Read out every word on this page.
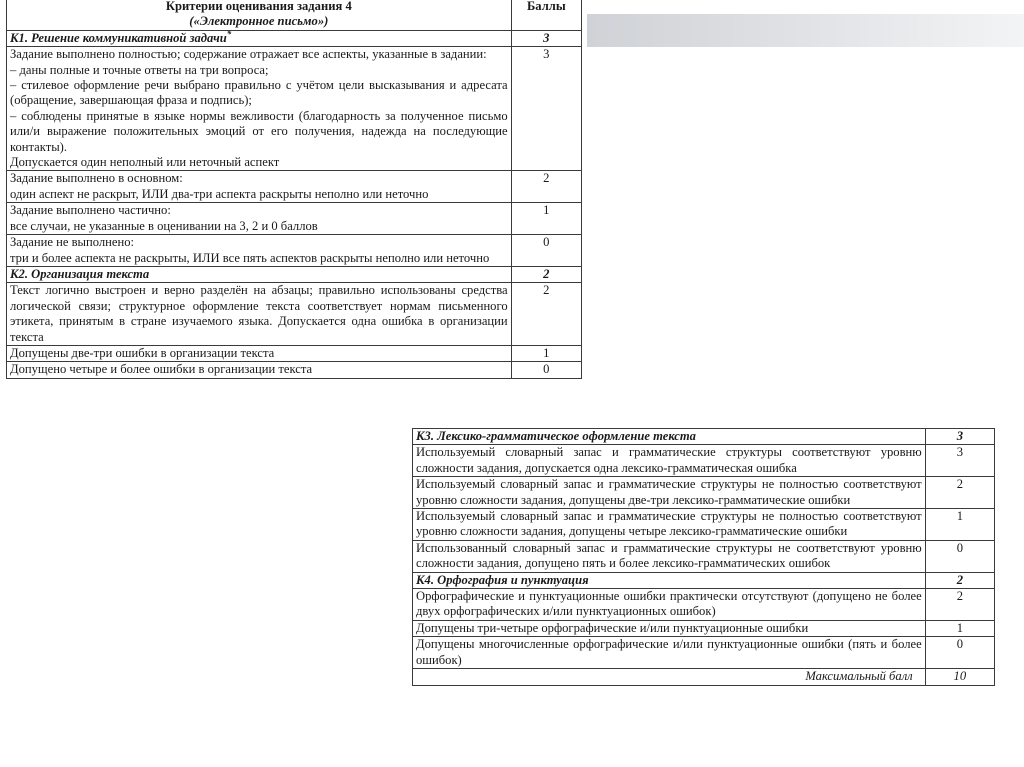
Критерии оценивания задания 4
(«Электронное письмо»)	Баллы
К1. Решение коммуникативной задачи*	3

Задание выполнено полностью; содержание отражает все аспекты, указанные в задании:
– даны полные и точные ответы на три вопроса;
– стилевое оформление речи выбрано правильно с учётом цели высказывания и адресата (обращение, завершающая фраза и подпись);
– соблюдены принятые в языке нормы вежливости (благодарность за полученное письмо или/и выражение положительных эмоций от его получения, надежда на последующие контакты).
Допускается один неполный или неточный аспект	3

Задание выполнено в основном:
один аспект не раскрыт, ИЛИ два-три аспекта раскрыты неполно или неточно	2

Задание выполнено частично:
все случаи, не указанные в оценивании на 3, 2 и 0 баллов	1

Задание не выполнено:
три и более аспекта не раскрыты, ИЛИ все пять аспектов раскрыты неполно или неточно	0
К2. Организация текста	2

Текст логично выстроен и верно разделён на абзацы; правильно использованы средства логической связи; структурное оформление текста соответствует нормам письменного этикета, принятым в стране изучаемого языка. Допускается одна ошибка в организации текста	2

Допущены две-три ошибки в организации текста	1

Допущено четыре и более ошибки в организации текста	0
К3. Лексико-грамматическое оформление текста	3

Используемый словарный запас и грамматические структуры соответствуют уровню сложности задания, допускается одна лексико-грамматическая ошибка	3

Используемый словарный запас и грамматические структуры не полностью соответствуют уровню сложности задания, допущены две-три лексико-грамматические ошибки	2

Используемый словарный запас и грамматические структуры не полностью соответствуют уровню сложности задания, допущены четыре лексико-грамматические ошибки	1

Использованный словарный запас и грамматические структуры не соответствуют уровню сложности задания, допущено пять и более лексико-грамматических ошибок	0
К4. Орфография и пунктуация	2

Орфографические и пунктуационные ошибки практически отсутствуют (допущено не более двух орфографических и/или пунктуационных ошибок)	2

Допущены три-четыре орфографические и/или пунктуационные ошибки	1

Допущены многочисленные орфографические и/или пунктуационные ошибки (пять и более ошибок)	0
Максимальный балл	10
